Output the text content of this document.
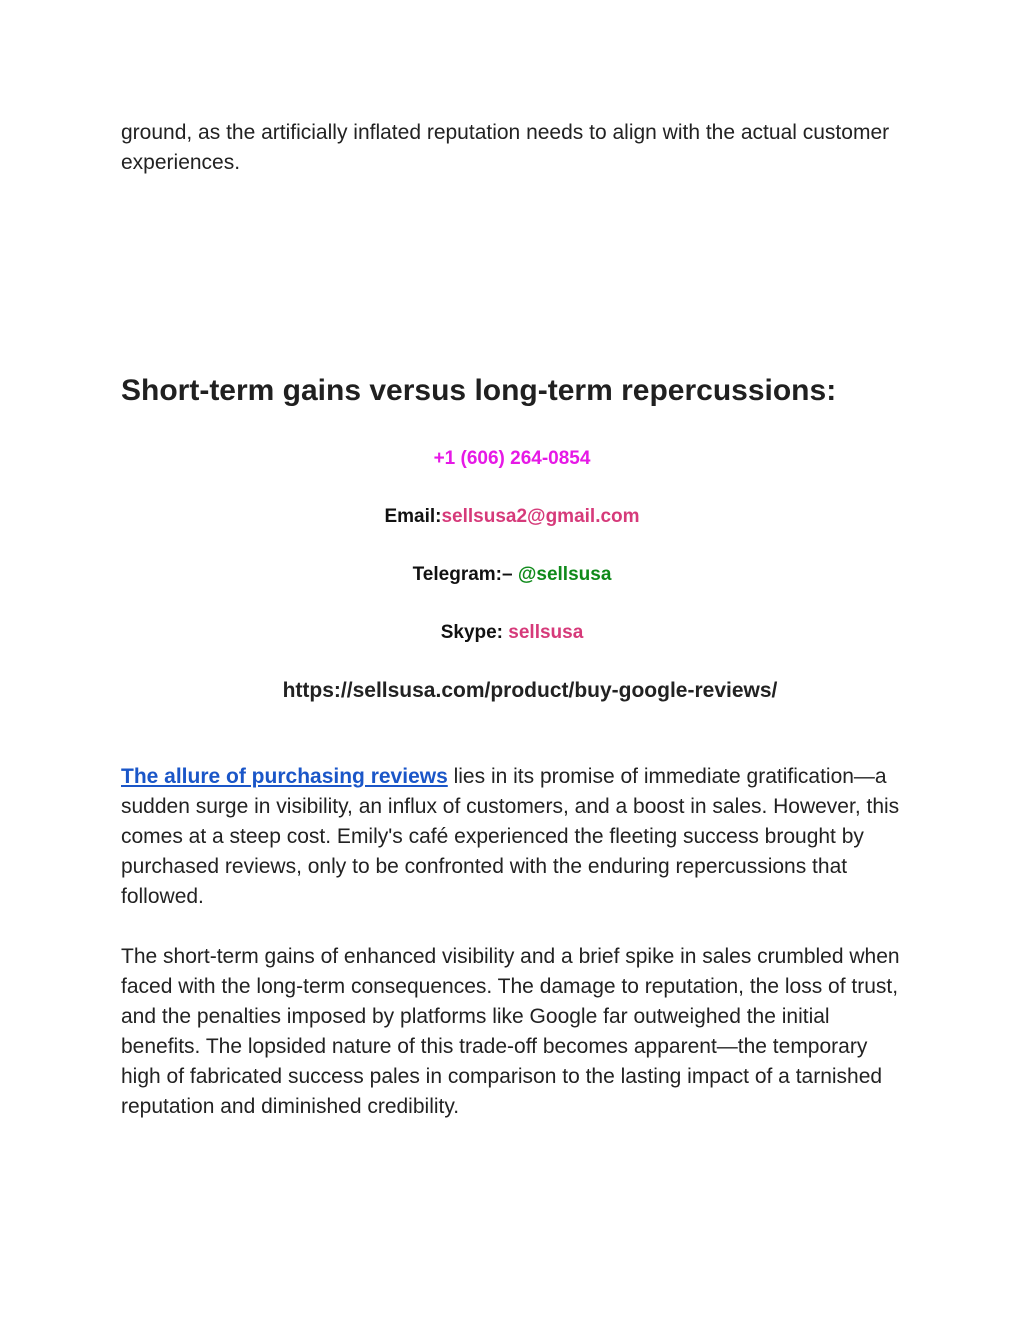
ground, as the artificially inflated reputation needs to align with the actual customer experiences.

Short-term gains versus long-term repercussions:

+1 (606) 264-0854

Email:sellsusa2@gmail.com

Telegram:– @sellsusa

Skype: sellsusa

https://sellsusa.com/product/buy-google-reviews/

The allure of purchasing reviews lies in its promise of immediate gratification—a sudden surge in visibility, an influx of customers, and a boost in sales. However, this comes at a steep cost. Emily's café experienced the fleeting success brought by purchased reviews, only to be confronted with the enduring repercussions that followed.

The short-term gains of enhanced visibility and a brief spike in sales crumbled when faced with the long-term consequences. The damage to reputation, the loss of trust, and the penalties imposed by platforms like Google far outweighed the initial benefits. The lopsided nature of this trade-off becomes apparent—the temporary high of fabricated success pales in comparison to the lasting impact of a tarnished reputation and diminished credibility.
